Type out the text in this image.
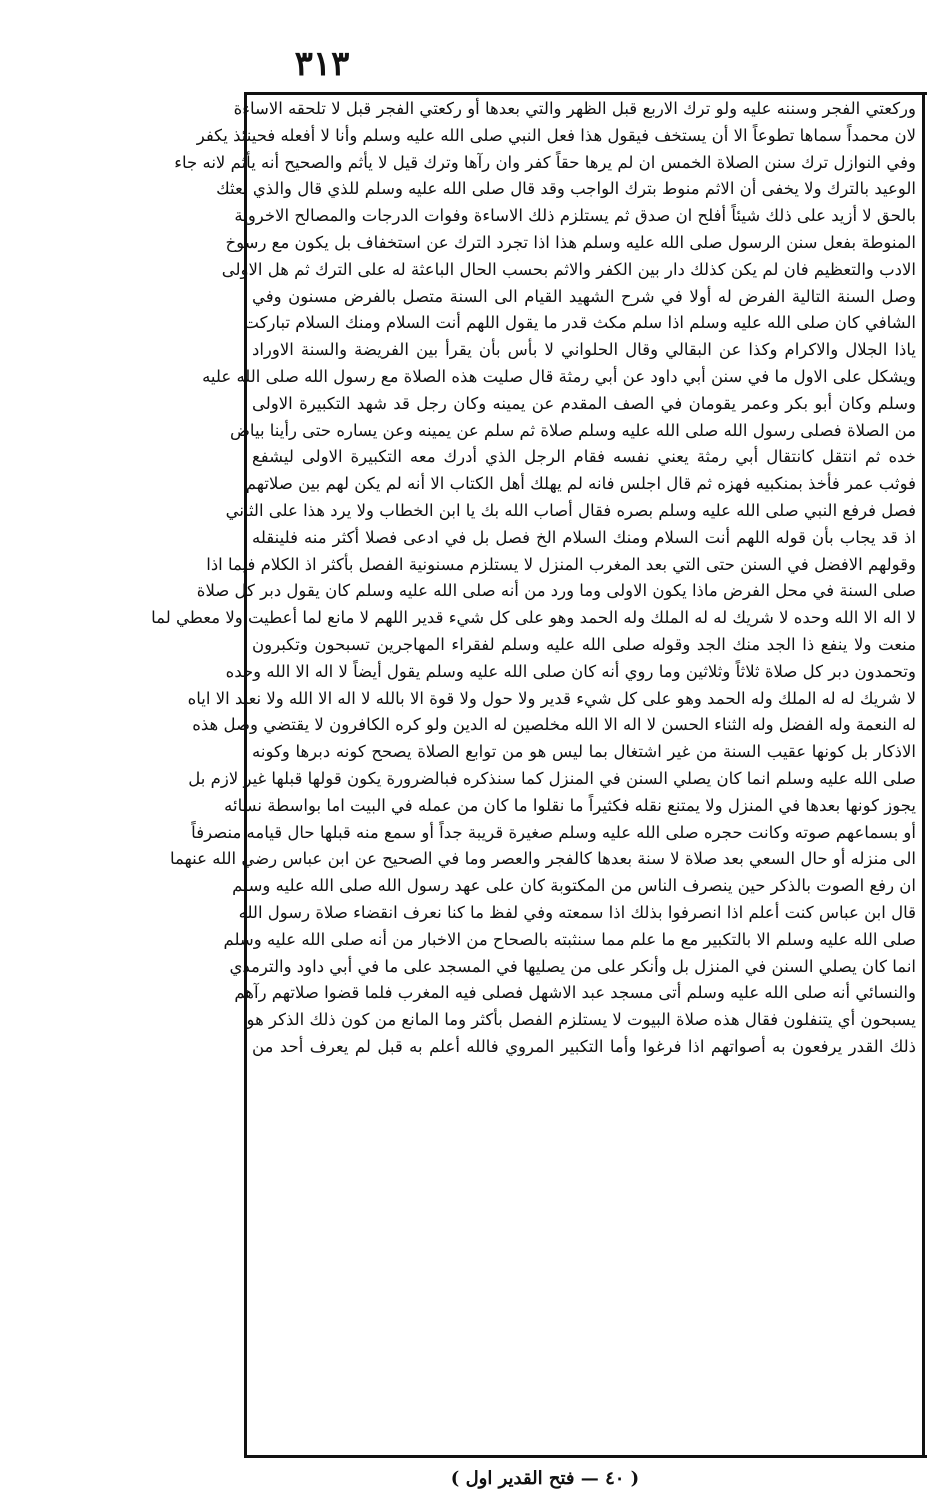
٣١٣
وركعتي الفجر وسننه عليه ولو ترك الاربع قبل الظهر والتي بعدها أو ركعتي الفجر قبل لا تلحقه الاساءة
لان محمداً سماها تطوعاً الا أن يستخف فيقول هذا فعل النبي صلى الله عليه وسلم وأنا لا أفعله فحينئذ يكفر
وفي النوازل ترك سنن الصلاة الخمس ان لم يرها حقاً كفر وان رآها وترك قيل لا يأثم والصحيح أنه يأثم لانه جاء
الوعيد بالترك ولا يخفى أن الاثم منوط بترك الواجب وقد قال صلى الله عليه وسلم للذي قال والذي بعثك
بالحق لا أزيد على ذلك شيئاً أفلح ان صدق ثم يستلزم ذلك الاساءة وفوات الدرجات والمصالح الاخروية
المنوطة بفعل سنن الرسول صلى الله عليه وسلم هذا اذا تجرد الترك عن استخفاف بل يكون مع رسوخ
الادب والتعظيم فان لم يكن كذلك دار بين الكفر والاثم بحسب الحال الباعثة له على الترك ثم هل الاولى
وصل السنة التالية الفرض له أولا في شرح الشهيد القيام الى السنة متصل بالفرض مسنون وفي
الشافي كان صلى الله عليه وسلم اذا سلم مكث قدر ما يقول اللهم أنت السلام ومنك السلام تباركت
ياذا الجلال والاكرام وكذا عن البقالي وقال الحلواني لا بأس بأن يقرأ بين الفريضة والسنة الاوراد
ويشكل على الاول ما في سنن أبي داود عن أبي رمثة قال صليت هذه الصلاة مع رسول الله صلى الله عليه
وسلم وكان أبو بكر وعمر يقومان في الصف المقدم عن يمينه وكان رجل قد شهد التكبيرة الاولى
من الصلاة فصلى رسول الله صلى الله عليه وسلم صلاة ثم سلم عن يمينه وعن يساره حتى رأينا بياض
خده ثم انتقل كانتقال أبي رمثة يعني نفسه فقام الرجل الذي أدرك معه التكبيرة الاولى ليشفع
فوثب عمر فأخذ بمنكبيه فهزه ثم قال اجلس فانه لم يهلك أهل الكتاب الا أنه لم يكن لهم بين صلاتهم
فصل فرفع النبي صلى الله عليه وسلم بصره فقال أصاب الله بك يا ابن الخطاب ولا يرد هذا على الثاني
اذ قد يجاب بأن قوله اللهم أنت السلام ومنك السلام الخ فصل بل في ادعى فصلا أكثر منه فلينقله
وقولهم الافضل في السنن حتى التي بعد المغرب المنزل لا يستلزم مسنونية الفصل بأكثر اذ الكلام فيما اذا
صلى السنة في محل الفرض ماذا يكون الاولى وما ورد من أنه صلى الله عليه وسلم كان يقول دبر كل صلاة
لا اله الا الله وحده لا شريك له له الملك وله الحمد وهو على كل شيء قدير اللهم لا مانع لما أعطيت ولا معطي لما
منعت ولا ينفع ذا الجد منك الجد وقوله صلى الله عليه وسلم لفقراء المهاجرين تسبحون وتكبرون
وتحمدون دبر كل صلاة ثلاثاً وثلاثين وما روي أنه كان صلى الله عليه وسلم يقول أيضاً لا اله الا الله وحده
لا شريك له له الملك وله الحمد وهو على كل شيء قدير ولا حول ولا قوة الا بالله لا اله الا الله ولا نعبد الا اياه
له النعمة وله الفضل وله الثناء الحسن لا اله الا الله مخلصين له الدين ولو كره الكافرون لا يقتضي وصل هذه
الاذكار بل كونها عقيب السنة من غير اشتغال بما ليس هو من توابع الصلاة يصحح كونه دبرها وكونه
صلى الله عليه وسلم انما كان يصلي السنن في المنزل كما سنذكره فبالضرورة يكون قولها قبلها غير لازم بل
يجوز كونها بعدها في المنزل ولا يمتنع نقله فكثيراً ما نقلوا ما كان من عمله في البيت اما بواسطة نسائه
أو بسماعهم صوته وكانت حجره صلى الله عليه وسلم صغيرة قريبة جداً أو سمع منه قبلها حال قيامه منصرفاً
الى منزله أو حال السعي بعد صلاة لا سنة بعدها كالفجر والعصر وما في الصحيح عن ابن عباس رضي الله عنهما
ان رفع الصوت بالذكر حين ينصرف الناس من المكتوبة كان على عهد رسول الله صلى الله عليه وسلم
قال ابن عباس كنت أعلم اذا انصرفوا بذلك اذا سمعته وفي لفظ ما كنا نعرف انقضاء صلاة رسول الله
صلى الله عليه وسلم الا بالتكبير مع ما علم مما سنثبته بالصحاح من الاخبار من أنه صلى الله عليه وسلم
انما كان يصلي السنن في المنزل بل وأنكر على من يصليها في المسجد على ما في أبي داود والترمذي
والنسائي أنه صلى الله عليه وسلم أتى مسجد عبد الاشهل فصلى فيه المغرب فلما قضوا صلاتهم رآهم
يسبحون أي يتنفلون فقال هذه صلاة البيوت لا يستلزم الفصل بأكثر وما المانع من كون ذلك الذكر هو
ذلك القدر يرفعون به أصواتهم اذا فرغوا وأما التكبير المروي فالله أعلم به قبل لم يعرف أحد من
( ٤٠ — فتح القدير اول )
